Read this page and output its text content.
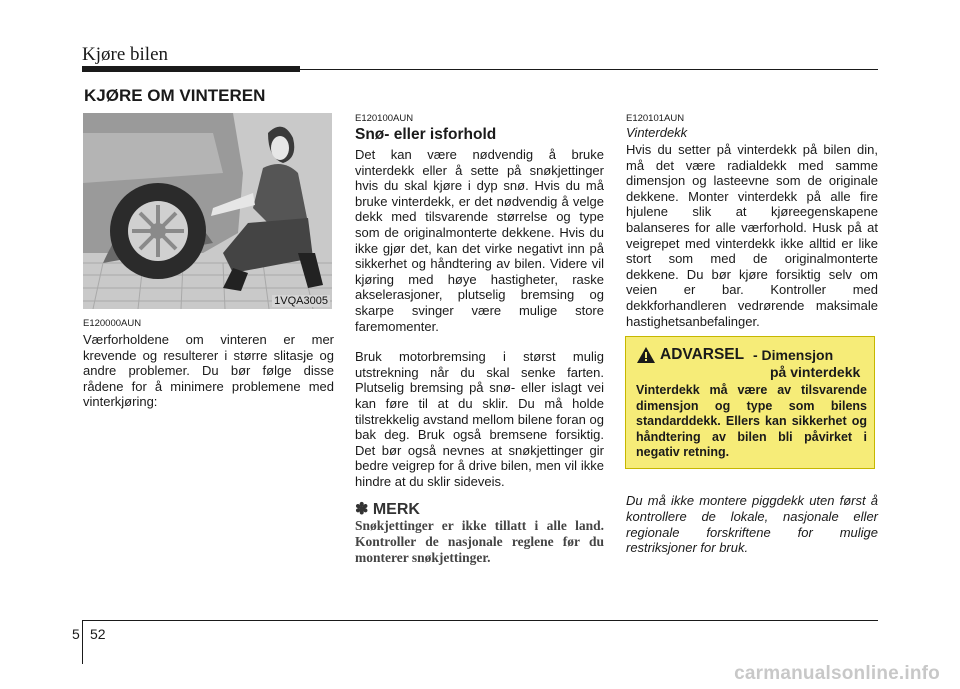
Kjøre bilen
KJØRE OM VINTEREN
1VQA3005
E120000AUN

Værforholdene om vinteren er mer krevende og resulterer i større slitasje og andre problemer. Du bør følge disse rådene for å minimere problemene med vinterkjøring:

E120100AUN
Snø- eller isforhold

Det kan være nødvendig å bruke vinterdekk eller å sette på snøkjettinger hvis du skal kjøre i dyp snø. Hvis du må bruke vinterdekk, er det nødvendig å velge dekk med tilsvarende størrelse og type som de originalmonterte dekkene. Hvis du ikke gjør det, kan det virke negativt inn på sikkerhet og håndtering av bilen. Videre vil kjøring med høye hastigheter, raske akselerasjoner, plutselig bremsing og skarpe svinger være mulige store faremomenter.

Bruk motorbremsing i størst mulig utstrekning når du skal senke farten. Plutselig bremsing på snø- eller islagt vei kan føre til at du sklir. Du må holde tilstrekkelig avstand mellom bilene foran og bak deg. Bruk også bremsene forsiktig. Det bør også nevnes at snøkjettinger gir bedre veigrep for å drive bilen, men vil ikke hindre at du sklir sideveis.

✽ MERK
Snøkjettinger er ikke tillatt i alle land. Kontroller de nasjonale reglene før du monterer snøkjettinger.
E120101AUN
Vinterdekk
Hvis du setter på vinterdekk på bilen din, må det være radialdekk med samme dimensjon og lasteevne som de originale dekkene. Monter vinterdekk på alle fire hjulene slik at kjøreegenskapene balanseres for alle værforhold. Husk på at veigrepet med vinterdekk ikke alltid er like stort som med de originalmonterte dekkene. Du bør kjøre forsiktig selv om veien er bar. Kontroller med dekkforhandleren vedrørende maksimale hastighetsanbefalinger.
ADVARSEL - Dimensjon
på vinterdekk
Vinterdekk må være av tilsvarende dimensjon og type som bilens standarddekk. Ellers kan sikkerhet og håndtering av bilen bli påvirket i negativ retning.
Du må ikke montere piggdekk uten først å kontrollere de lokale, nasjonale eller regionale forskriftene for mulige restriksjoner for bruk.
5 52
carmanualsonline.info
